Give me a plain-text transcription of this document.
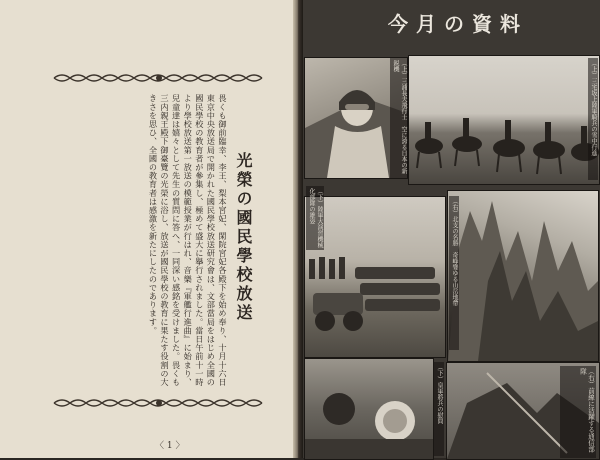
光榮の國民學校放送
畏くも御前臨幸、李王、梨本宮妃、閑院宮妃各殿下を始め奉り、十月十六日東京中央放送局で開かれた國民學校放送研究會は、文部當局をはじめ全國の國民學校の教育者が參集し、極めて盛大に擧行されました。當日午前十一時より學校放送第一放送の模範授業が行はれ、音樂『軍艦行進曲』に始まり、兒童達は嬉々として先生の質問に答へ、一同深い感銘を受けました。畏くも三内親王殿下御臺覽の光榮に浴し、放送が國民學校の教育に果たす役割の大きさを思ひ、全國の教育者は感激を新たにしたのであります。
〈 1 〉
今月の資料
（上）三浦長夫飛行士　空に誇る日本の新鋭機	（上）三宅坂上陸軍騎兵の雪中行進
（下）陸軍大演習機械化部隊の雄姿	（右）北支の名勝　奇峰聳ゆる山岳地帶
（右）前線に活躍する通信部隊
（下）皇軍將兵の慰問
